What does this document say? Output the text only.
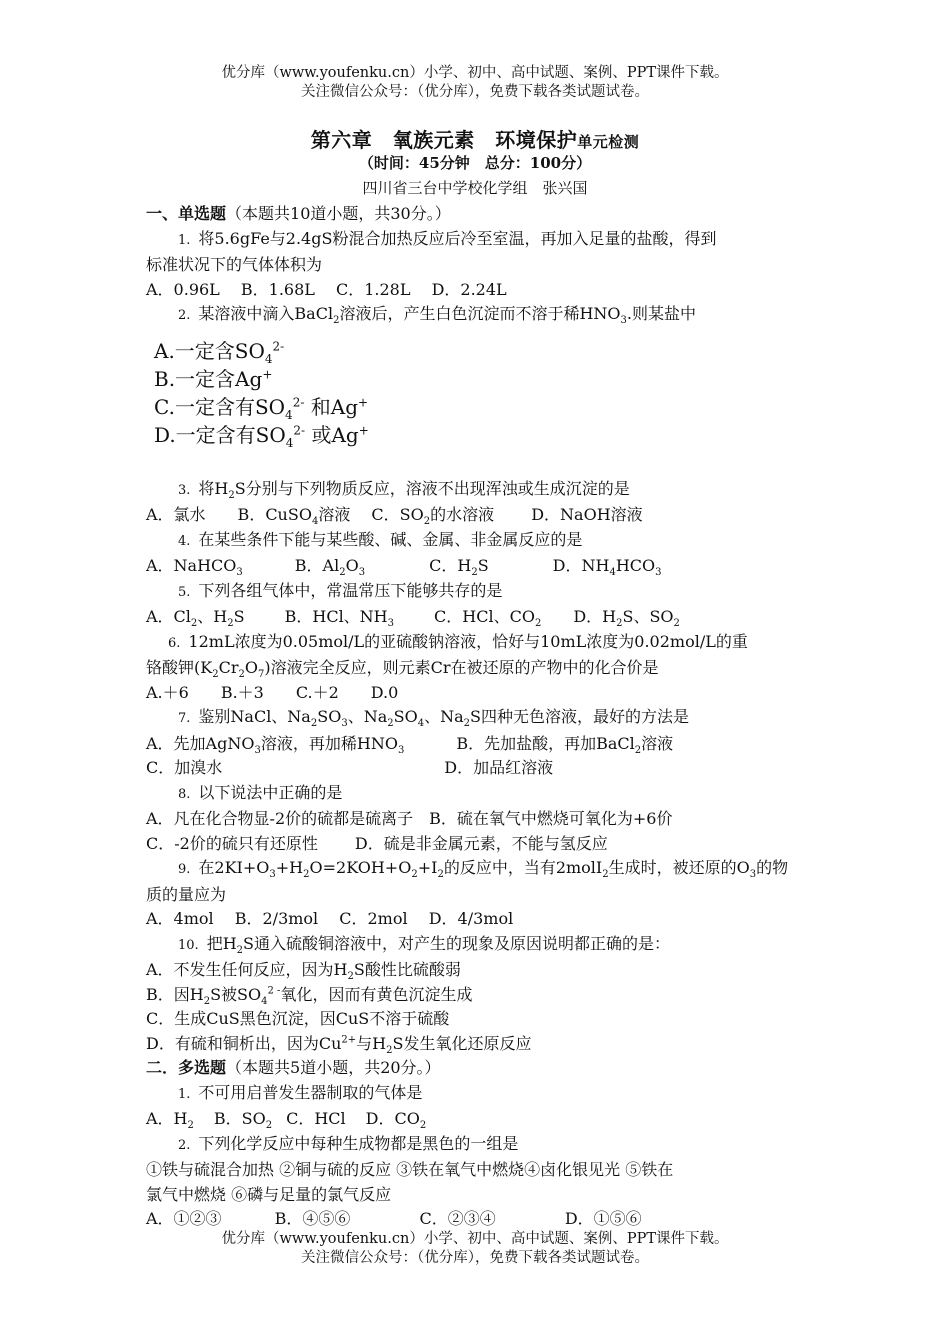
优分库（www.youfenku.cn）小学、初中、高中试题、案例、PPT课件下载。
关注微信公众号：（优分库），免费下载各类试题试卷。
第六章　氧族元素　环境保护单元检测
（时间：45分钟　总分：100分）
四川省三台中学校化学组　张兴国
一、单选题（本题共10道小题，共30分。）
1. 将5.6gFe与2.4gS粉混合加热反应后冷至室温，再加入足量的盐酸，得到
标准状况下的气体体积为
A．0.96L　 B．1.68L　 C．1.28L　 D．2.24L
2. 某溶液中滴入BaCl$_2$溶液后，产生白色沉淀而不溶于稀$HNO_3$.则某盐中
A.一定含$SO_4^{2-}$
B.一定含Ag+
C.一定含有$SO_4^{2-}$ 和Ag+
D.一定含有$SO_4^{2-}$ 或Ag+
3. 将$H_2S$分别与下列物质反应，溶液不出现浑浊或生成沉淀的是
A．氯水　　B．CuSO$_4$溶液　 C．$SO_2$的水溶液　　 D．NaOH溶液
4. 在某些条件下能与某些酸、碱、金属、非金属反应的是
A．NaHCO$_3$	B．$Al_2O_3$	C．$H_2S$	D．$NH_4HCO_3$
5. 下列各组气体中，常温常压下能够共存的是
A．$Cl_2$、$H_2S$	B．HCl、$NH_3$	C．HCl、$CO_2$ D．$H_2S$、$SO_2$
6. 12mL浓度为0.05mol/L的亚硫酸钠溶液，恰好与10mL浓度为0.02mol/L的重
铬酸钾$(K_2Cr_2O_7)$溶液完全反应，则元素Cr在被还原的产物中的化合价是
A.＋6　　B.＋3　　C.＋2　　D.0
7. 鉴别NaCl、$Na_2SO_3$、$Na_2SO_4$、$Na_2S$四种无色溶液，最好的方法是
A．先加AgNO$_3$溶液，再加稀$HNO_3$	B．先加盐酸，再加BaCl$_2$溶液
C．加溴水	D．加品红溶液
8. 以下说法中正确的是
A．凡在化合物显-2价的硫都是硫离子　B．硫在氧气中燃烧可氧化为+6价
C．-2价的硫只有还原性　　 D．硫是非金属元素，不能与氢反应
9. 在$2KI+O_3+H_2O=2KOH+O_2+I_2$的反应中，当有2molI$_2$生成时，被还原的$O_3$的物
质的量应为
A．4mol　 B．2/3mol　 C．2mol　 D．4/3mol
10. 把$H_2S$通入硫酸铜溶液中，对产生的现象及原因说明都正确的是：
A．不发生任何反应，因为$H_2S$酸性比硫酸弱
B．因$H_2S$被$SO_4^{2 -}$氧化，因而有黄色沉淀生成
C．生成CuS黑色沉淀，因CuS不溶于硫酸
D．有硫和铜析出，因为$Cu^{2+}$与$H_2S$发生氧化还原反应
二．多选题（本题共5道小题，共20分。）
1. 不可用启普发生器制取的气体是
A．$H_2$ B．$SO_2$ C．HCl D．$CO_2$
2. 下列化学反应中每种生成物都是黑色的一组是
①铁与硫混合加热 ②铜与硫的反应 ③铁在氧气中燃烧④卤化银见光 ⑤铁在
氯气中燃烧 ⑥磷与足量的氯气反应
A．①②③　　　 B．④⑤⑥　　　　 C．②③④　　　　 D．①⑤⑥
优分库（www.youfenku.cn）小学、初中、高中试题、案例、PPT课件下载。
关注微信公众号：（优分库），免费下载各类试题试卷。
